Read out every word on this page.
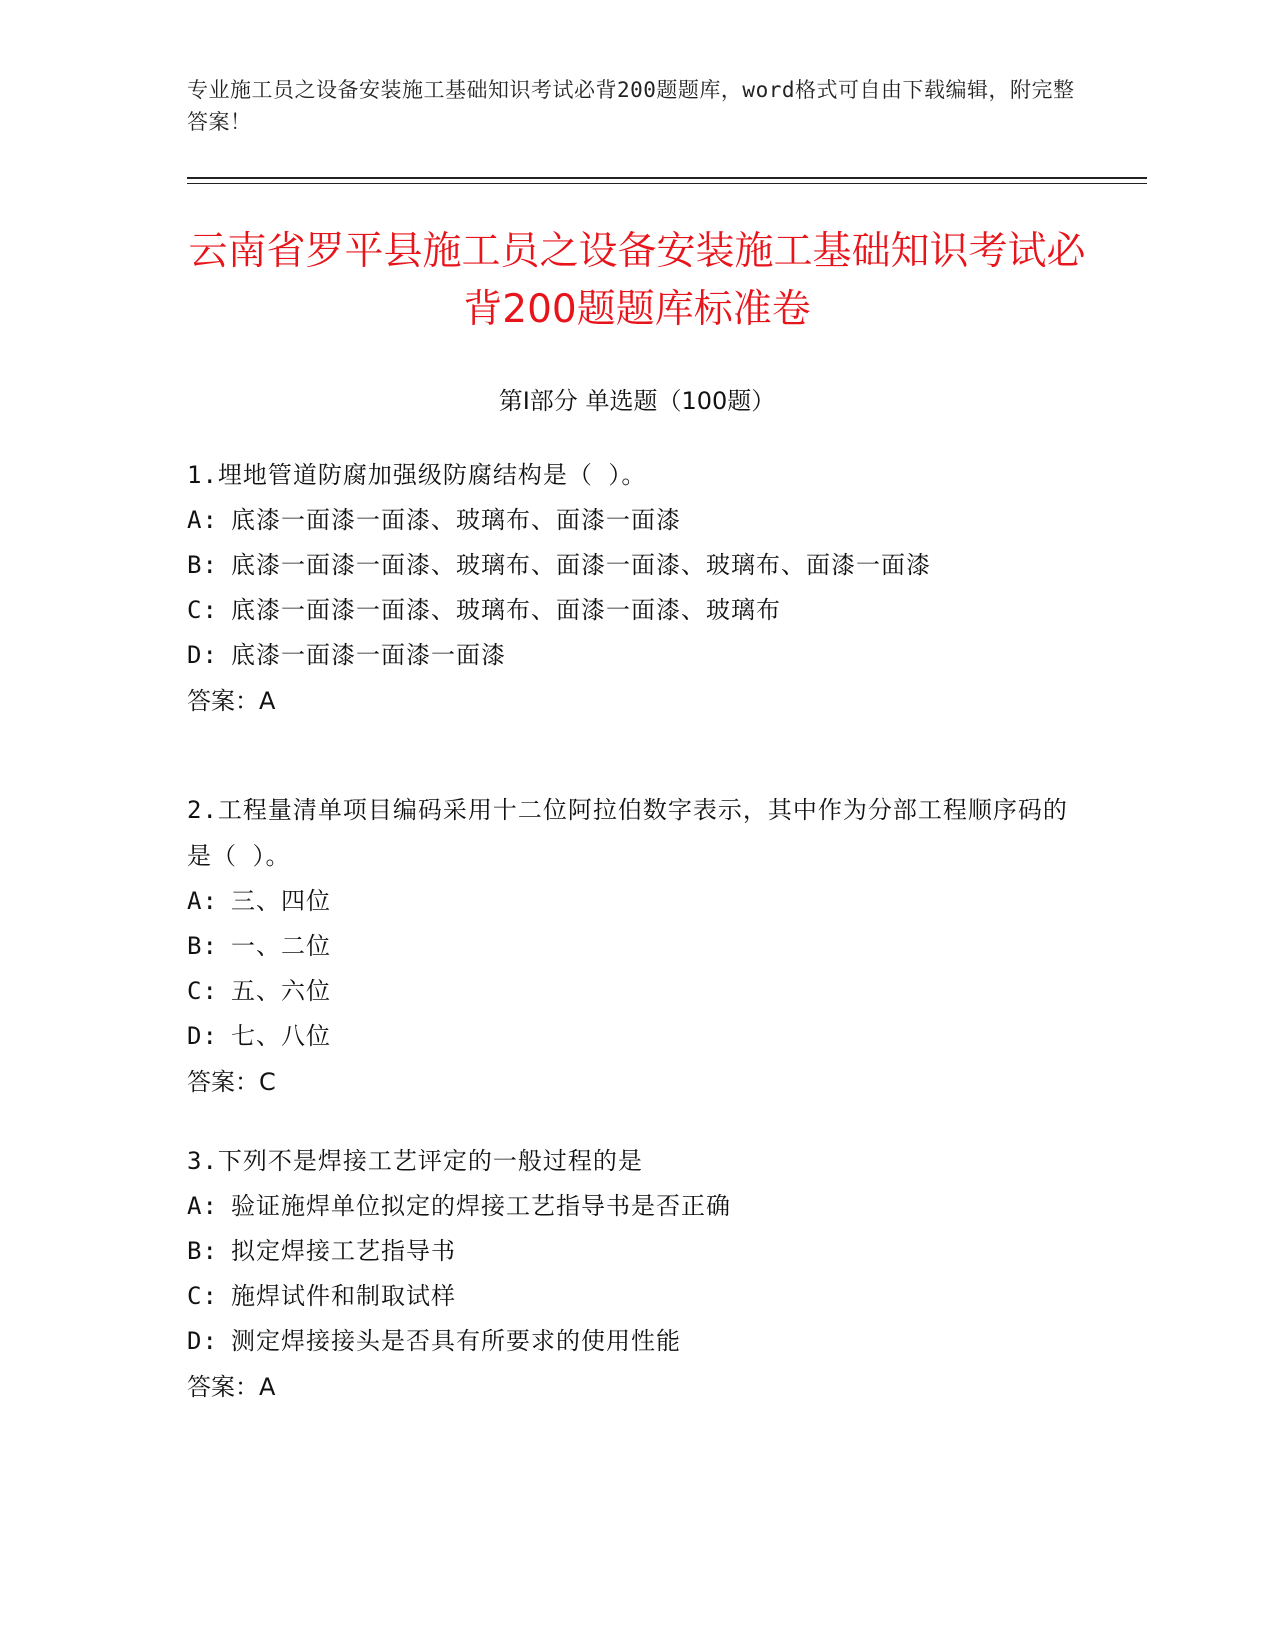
专业施工员之设备安装施工基础知识考试必背200题题库，word格式可自由下载编辑，附完整答案！
云南省罗平县施工员之设备安装施工基础知识考试必背200题题库标准卷
第Ⅰ部分 单选题（100题）
1.埋地管道防腐加强级防腐结构是（ ）。
A: 底漆一面漆一面漆、玻璃布、面漆一面漆
B: 底漆一面漆一面漆、玻璃布、面漆一面漆、玻璃布、面漆一面漆
C: 底漆一面漆一面漆、玻璃布、面漆一面漆、玻璃布
D: 底漆一面漆一面漆一面漆
答案：A
2.工程量清单项目编码采用十二位阿拉伯数字表示，其中作为分部工程顺序码的是（ ）。
A: 三、四位
B: 一、二位
C: 五、六位
D: 七、八位
答案：C
3.下列不是焊接工艺评定的一般过程的是
A: 验证施焊单位拟定的焊接工艺指导书是否正确
B: 拟定焊接工艺指导书
C: 施焊试件和制取试样
D: 测定焊接接头是否具有所要求的使用性能
答案：A
